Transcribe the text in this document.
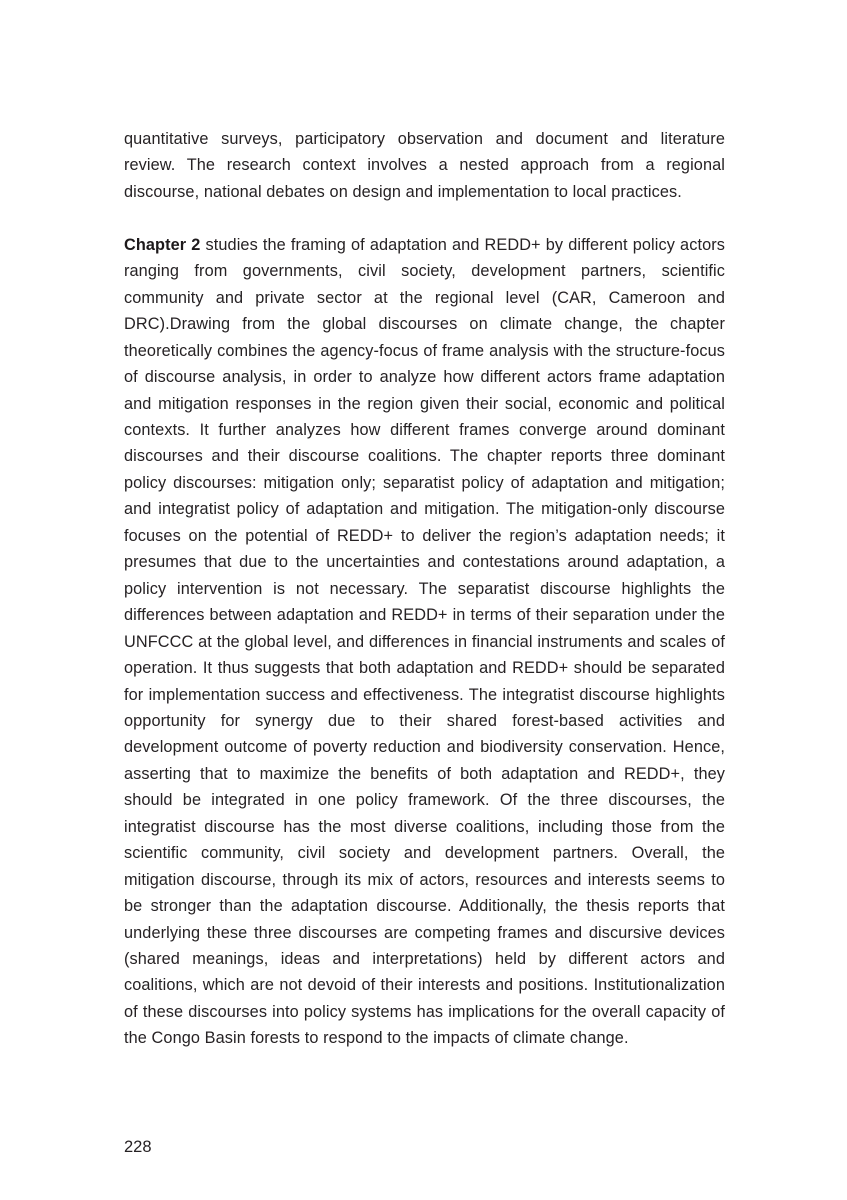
quantitative surveys, participatory observation and document and literature review. The research context involves a nested approach from a regional discourse, national debates on design and implementation to local practices.

Chapter 2 studies the framing of adaptation and REDD+ by different policy actors ranging from governments, civil society, development partners, scientific community and private sector at the regional level (CAR, Cameroon and DRC).Drawing from the global discourses on climate change, the chapter theoretically combines the agency-focus of frame analysis with the structure-focus of discourse analysis, in order to analyze how different actors frame adaptation and mitigation responses in the region given their social, economic and political contexts. It further analyzes how different frames converge around dominant discourses and their discourse coalitions. The chapter reports three dominant policy discourses: mitigation only; separatist policy of adaptation and mitigation; and integratist policy of adaptation and mitigation. The mitigation-only discourse focuses on the potential of REDD+ to deliver the region’s adaptation needs; it presumes that due to the uncertainties and contestations around adaptation, a policy intervention is not necessary. The separatist discourse highlights the differences between adaptation and REDD+ in terms of their separation under the UNFCCC at the global level, and differences in financial instruments and scales of operation. It thus suggests that both adaptation and REDD+ should be separated for implementation success and effectiveness. The integratist discourse highlights opportunity for synergy due to their shared forest-based activities and development outcome of poverty reduction and biodiversity conservation. Hence, asserting that to maximize the benefits of both adaptation and REDD+, they should be integrated in one policy framework. Of the three discourses, the integratist discourse has the most diverse coalitions, including those from the scientific community, civil society and development partners. Overall, the mitigation discourse, through its mix of actors, resources and interests seems to be stronger than the adaptation discourse. Additionally, the thesis reports that underlying these three discourses are competing frames and discursive devices (shared meanings, ideas and interpretations) held by different actors and coalitions, which are not devoid of their interests and positions. Institutionalization of these discourses into policy systems has implications for the overall capacity of the Congo Basin forests to respond to the impacts of climate change.

228
